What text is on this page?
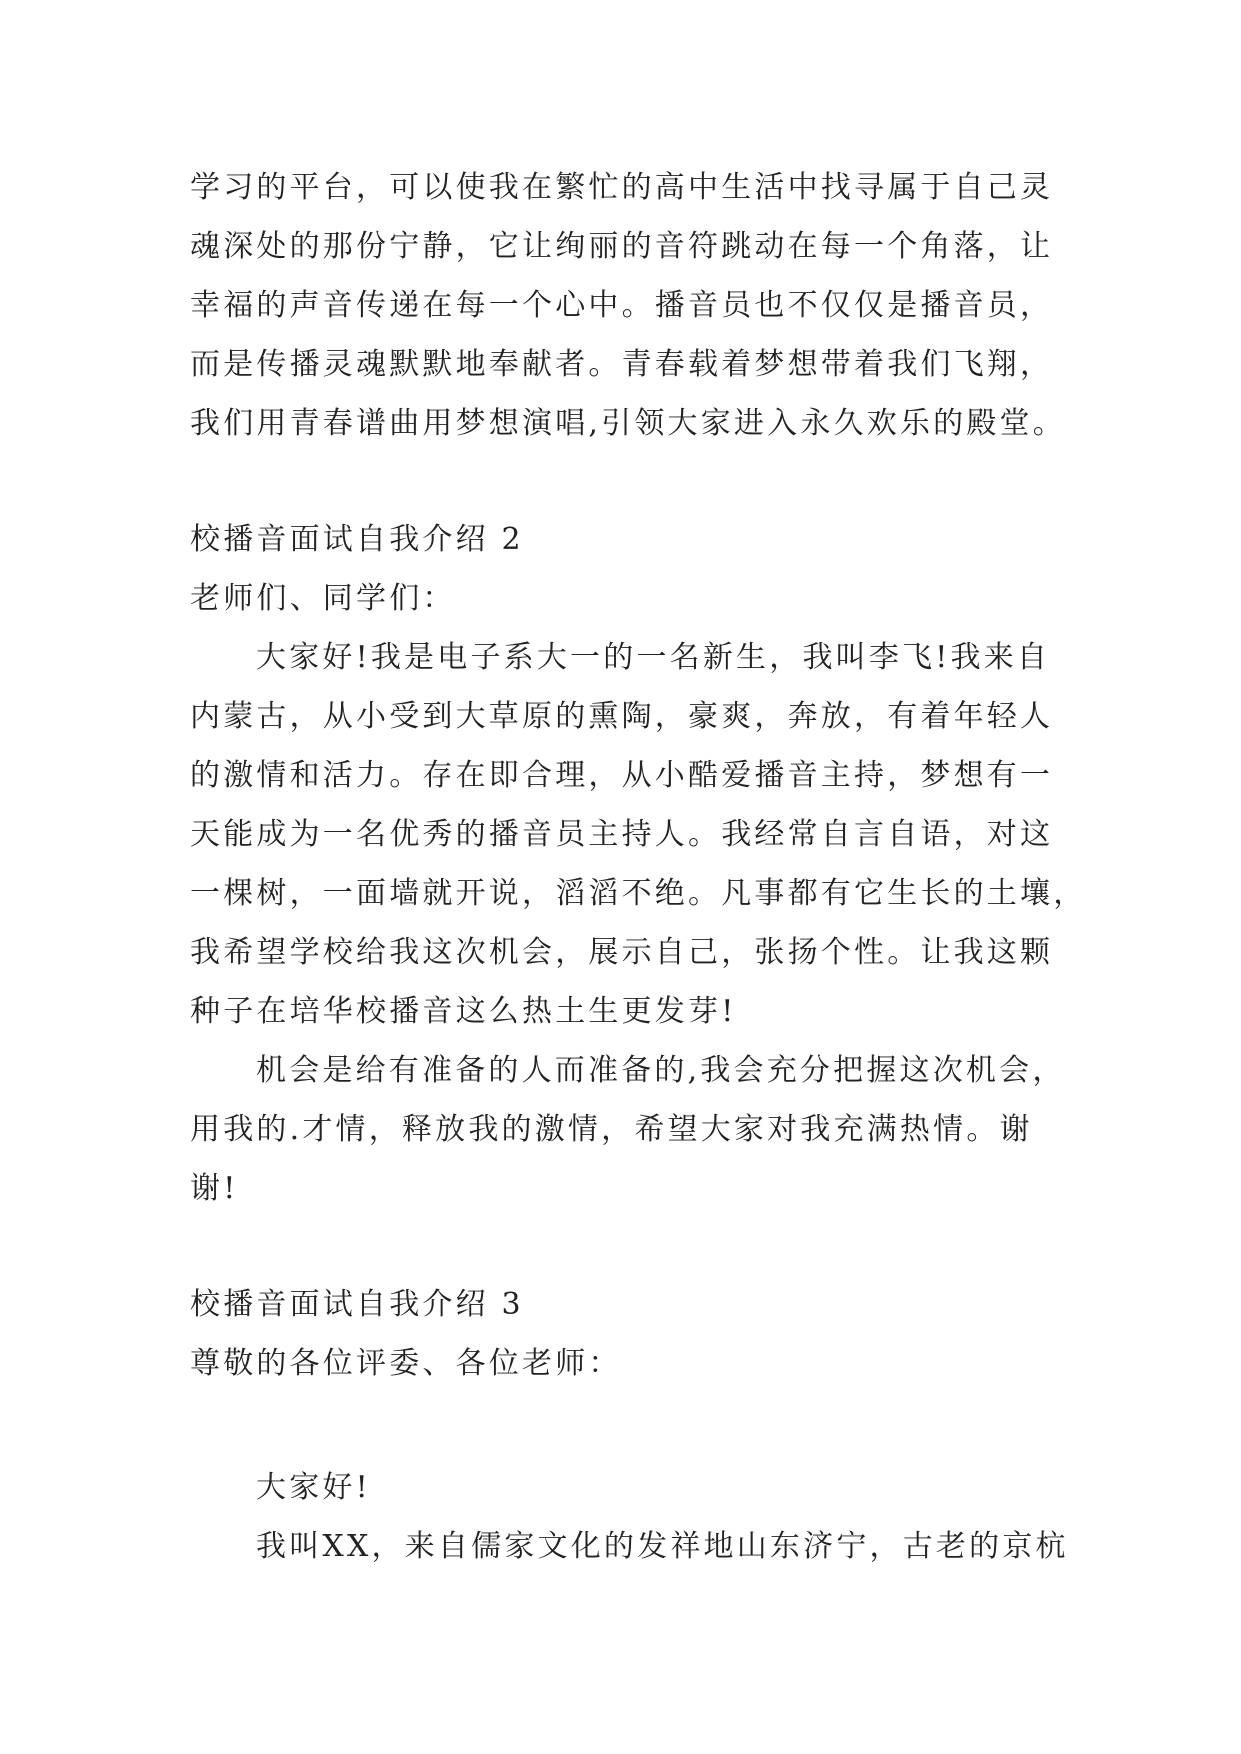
学习的平台，可以使我在繁忙的高中生活中找寻属于自己灵
魂深处的那份宁静，它让绚丽的音符跳动在每一个角落，让
幸福的声音传递在每一个心中。播音员也不仅仅是播音员，
而是传播灵魂默默地奉献者。青春载着梦想带着我们飞翔，
我们用青春谱曲用梦想演唱,引领大家进入永久欢乐的殿堂。
校播音面试自我介绍 2
老师们、同学们：
大家好!我是电子系大一的一名新生，我叫李飞!我来自
内蒙古，从小受到大草原的熏陶，豪爽，奔放，有着年轻人
的激情和活力。存在即合理，从小酷爱播音主持，梦想有一
天能成为一名优秀的播音员主持人。我经常自言自语，对这
一棵树，一面墙就开说，滔滔不绝。凡事都有它生长的土壤，
我希望学校给我这次机会，展示自己，张扬个性。让我这颗
种子在培华校播音这么热土生更发芽!
机会是给有准备的人而准备的,我会充分把握这次机会，
用我的.才情，释放我的激情，希望大家对我充满热情。谢
谢!
校播音面试自我介绍 3
尊敬的各位评委、各位老师：
大家好!
我叫XX，来自儒家文化的发祥地山东济宁，古老的京杭
